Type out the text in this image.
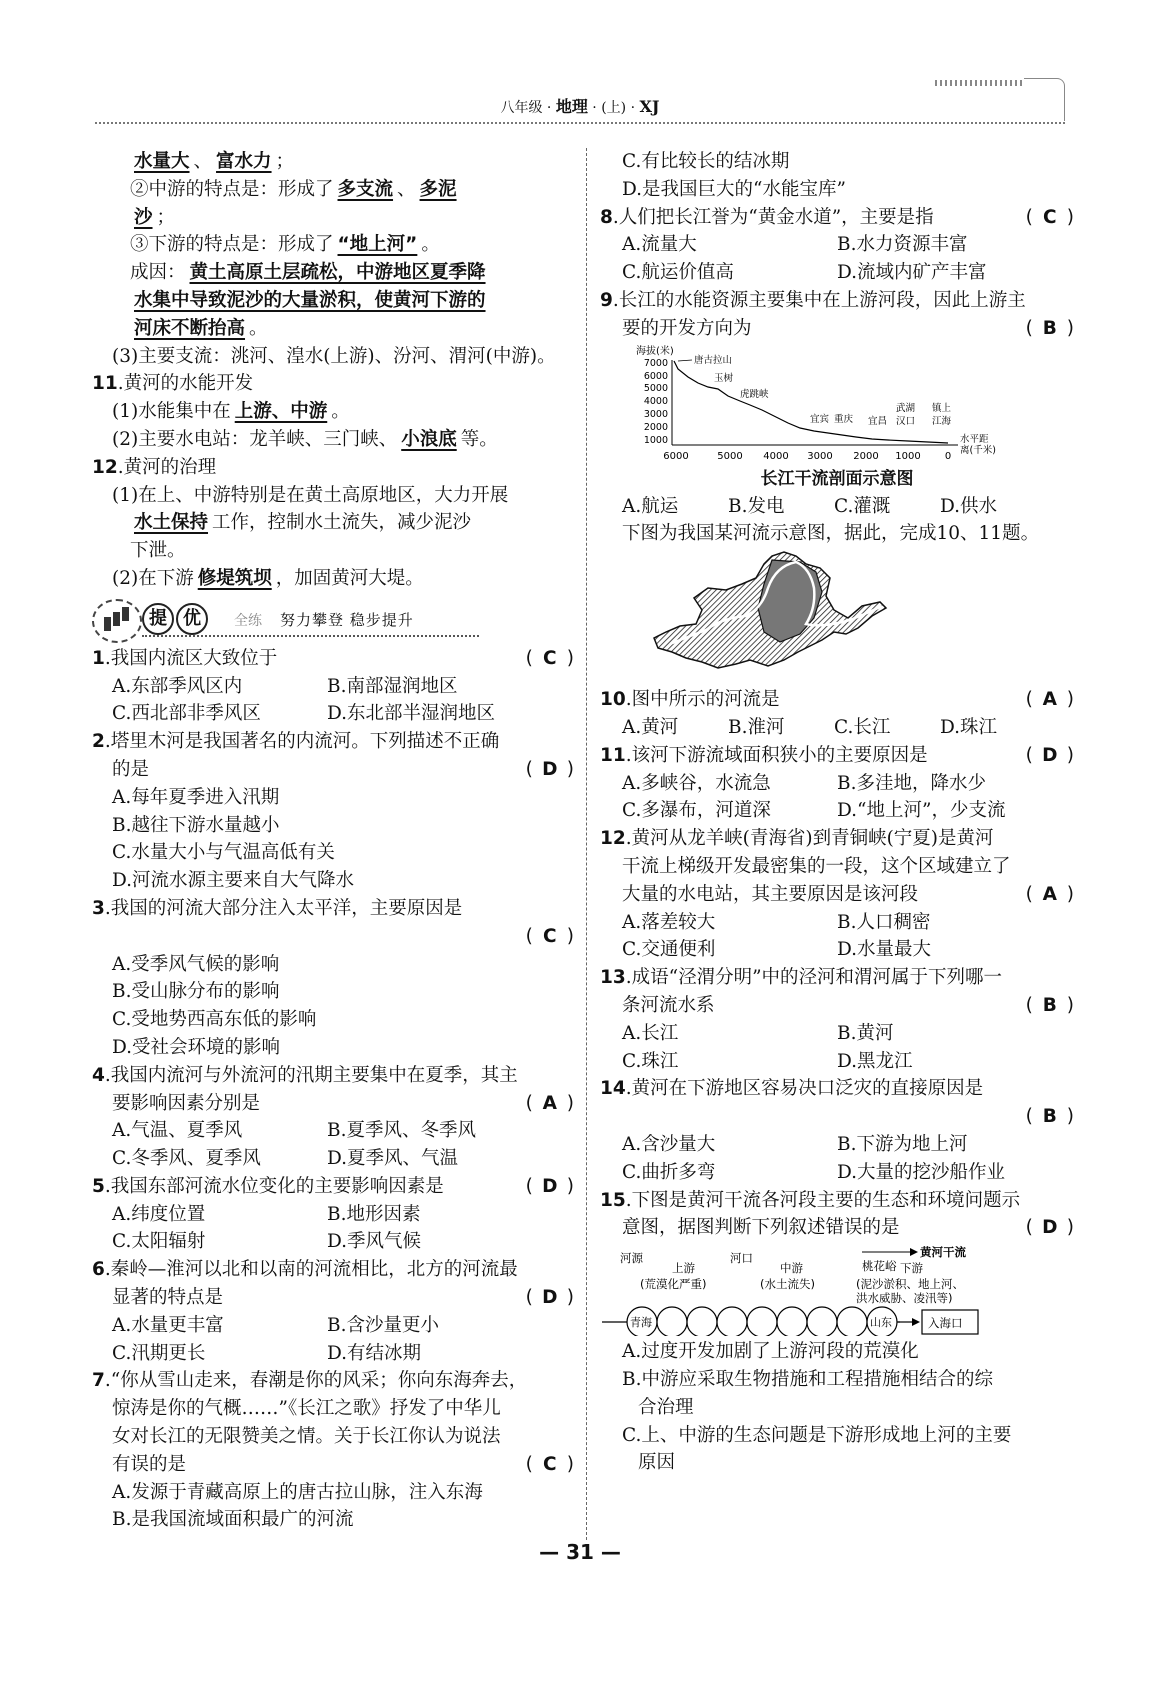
八年级 · 地理 · (上) · XJ
水量大 、 富水力 ；
②中游的特点是：形成了 多支流 、 多泥
沙 ；
③下游的特点是：形成了 “地上河” 。
成因： 黄土高原土层疏松，中游地区夏季降
水集中导致泥沙的大量淤积，使黄河下游的
河床不断抬高 。
(3)主要支流：洮河、湟水(上游)、汾河、渭河(中游)。
11.黄河的水能开发
(1)水能集中在 上游、中游 。
(2)主要水电站：龙羊峡、三门峡、 小浪底 等。
12.黄河的治理
(1)在上、中游特别是在黄土高原地区，大力开展
水土保持 工作，控制水土流失，减少泥沙
下泄。
(2)在下游 修堤筑坝 ，加固黄河大堤。
提 优	全练 努力攀登 稳步提升
1.我国内流区大致位于	( C )
A.东部季风区内	B.南部湿润地区
C.西北部非季风区	D.东北部半湿润地区
2.塔里木河是我国著名的内流河。下列描述不正确
的是	( D )
A.每年夏季进入汛期
B.越往下游水量越小
C.水量大小与气温高低有关
D.河流水源主要来自大气降水
3.我国的河流大部分注入太平洋，主要原因是
( C )
A.受季风气候的影响
B.受山脉分布的影响
C.受地势西高东低的影响
D.受社会环境的影响
4.我国内流河与外流河的汛期主要集中在夏季，其主
要影响因素分别是	( A )
A.气温、夏季风	B.夏季风、冬季风
C.冬季风、夏季风	D.夏季风、气温
5.我国东部河流水位变化的主要影响因素是	( D )
A.纬度位置	B.地形因素
C.太阳辐射	D.季风气候
6.秦岭—淮河以北和以南的河流相比，北方的河流最
显著的特点是	( D )
A.水量更丰富	B.含沙量更小
C.汛期更长	D.有结冰期
7.“你从雪山走来，春潮是你的风采；你向东海奔去，
惊涛是你的气概……”《长江之歌》抒发了中华儿
女对长江的无限赞美之情。关于长江你认为说法
有误的是	( C )
A.发源于青藏高原上的唐古拉山脉，注入东海
B.是我国流域面积最广的河流
C.有比较长的结冰期
D.是我国巨大的“水能宝库”
8.人们把长江誉为“黄金水道”，主要是指	( C )
A.流量大	B.水力资源丰富
C.航运价值高	D.流域内矿产丰富
9.长江的水能资源主要集中在上游河段，因此上游主
要的开发方向为	( B )
海拔(米)
7000
6000
5000
4000
3000
2000
1000
6000	5000 4000 3000 2000 1000 0
水平距
离(千米)
唐古拉山
玉树
虎跳峡
宜宾 重庆 宜昌
武湖
汉口
镇上
江海
长江干流剖面示意图
A.航运	B.发电	C.灌溉	D.供水
下图为我国某河流示意图，据此，完成10、11题。
10.图中所示的河流是	( A )
A.黄河	B.淮河	C.长江	D.珠江
11.该河下游流域面积狭小的主要原因是	( D )
A.多峡谷，水流急	B.多洼地，降水少
C.多瀑布，河道深	D.“地上河”，少支流
12.黄河从龙羊峡(青海省)到青铜峡(宁夏)是黄河
干流上梯级开发最密集的一段，这个区域建立了
大量的水电站，其主要原因是该河段	( A )
A.落差较大	B.人口稠密
C.交通便利	D.水量最大
13.成语“泾渭分明”中的泾河和渭河属于下列哪一
条河流水系	( B )
A.长江	B.黄河
C.珠江	D.黑龙江
14.黄河在下游地区容易决口泛灾的直接原因是
( B )
A.含沙量大	B.下游为地上河
C.曲折多弯	D.大量的挖沙船作业
15.下图是黄河干流各河段主要的生态和环境问题示
意图，据图判断下列叙述错误的是	( D )
黄河干流
河源	河口
桃花峪
上游
(荒漠化严重)
中游
(水土流失)
下游
(泥沙淤积、地上河、
洪水威胁、凌汛等)
青海	山东	入海口
A.过度开发加剧了上游河段的荒漠化
B.中游应采取生物措施和工程措施相结合的综
合治理
C.上、中游的生态问题是下游形成地上河的主要
原因
— 31 —
